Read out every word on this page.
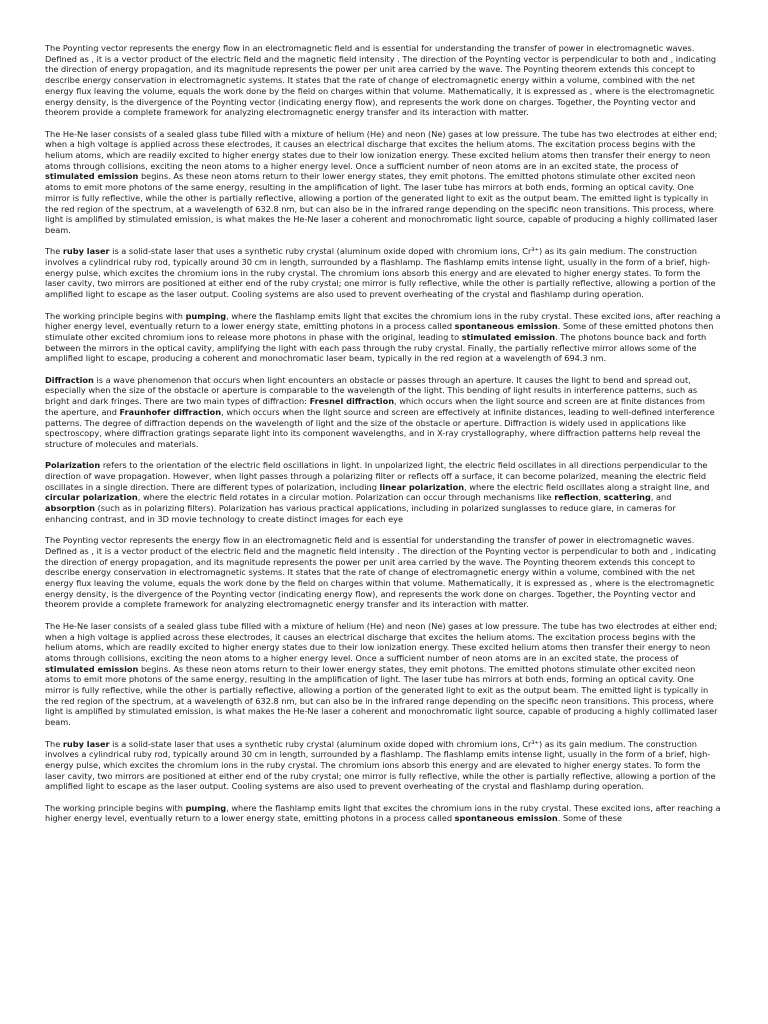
The Poynting vector represents the energy flow in an electromagnetic field and is essential for understanding the transfer of power in electromagnetic waves. Defined as , it is a vector product of the electric field and the magnetic field intensity . The direction of the Poynting vector is perpendicular to both and , indicating the direction of energy propagation, and its magnitude represents the power per unit area carried by the wave. The Poynting theorem extends this concept to describe energy conservation in electromagnetic systems. It states that the rate of change of electromagnetic energy within a volume, combined with the net energy flux leaving the volume, equals the work done by the field on charges within that volume. Mathematically, it is expressed as , where is the electromagnetic energy density, is the divergence of the Poynting vector (indicating energy flow), and represents the work done on charges. Together, the Poynting vector and theorem provide a complete framework for analyzing electromagnetic energy transfer and its interaction with matter.

The He-Ne laser consists of a sealed glass tube filled with a mixture of helium (He) and neon (Ne) gases at low pressure. The tube has two electrodes at either end; when a high voltage is applied across these electrodes, it causes an electrical discharge that excites the helium atoms. The excitation process begins with the helium atoms, which are readily excited to higher energy states due to their low ionization energy. These excited helium atoms then transfer their energy to neon atoms through collisions, exciting the neon atoms to a higher energy level. Once a sufficient number of neon atoms are in an excited state, the process of stimulated emission begins. As these neon atoms return to their lower energy states, they emit photons. The emitted photons stimulate other excited neon atoms to emit more photons of the same energy, resulting in the amplification of light. The laser tube has mirrors at both ends, forming an optical cavity. One mirror is fully reflective, while the other is partially reflective, allowing a portion of the generated light to exit as the output beam. The emitted light is typically in the red region of the spectrum, at a wavelength of 632.8 nm, but can also be in the infrared range depending on the specific neon transitions. This process, where light is amplified by stimulated emission, is what makes the He-Ne laser a coherent and monochromatic light source, capable of producing a highly collimated laser beam.

The ruby laser is a solid-state laser that uses a synthetic ruby crystal (aluminum oxide doped with chromium ions, Cr³⁺) as its gain medium. The construction involves a cylindrical ruby rod, typically around 30 cm in length, surrounded by a flashlamp. The flashlamp emits intense light, usually in the form of a brief, high-energy pulse, which excites the chromium ions in the ruby crystal. The chromium ions absorb this energy and are elevated to higher energy states. To form the laser cavity, two mirrors are positioned at either end of the ruby crystal; one mirror is fully reflective, while the other is partially reflective, allowing a portion of the amplified light to escape as the laser output. Cooling systems are also used to prevent overheating of the crystal and flashlamp during operation.

The working principle begins with pumping, where the flashlamp emits light that excites the chromium ions in the ruby crystal. These excited ions, after reaching a higher energy level, eventually return to a lower energy state, emitting photons in a process called spontaneous emission. Some of these emitted photons then stimulate other excited chromium ions to release more photons in phase with the original, leading to stimulated emission. The photons bounce back and forth between the mirrors in the optical cavity, amplifying the light with each pass through the ruby crystal. Finally, the partially reflective mirror allows some of the amplified light to escape, producing a coherent and monochromatic laser beam, typically in the red region at a wavelength of 694.3 nm.

Diffraction is a wave phenomenon that occurs when light encounters an obstacle or passes through an aperture. It causes the light to bend and spread out, especially when the size of the obstacle or aperture is comparable to the wavelength of the light. This bending of light results in interference patterns, such as bright and dark fringes. There are two main types of diffraction: Fresnel diffraction, which occurs when the light source and screen are at finite distances from the aperture, and Fraunhofer diffraction, which occurs when the light source and screen are effectively at infinite distances, leading to well-defined interference patterns. The degree of diffraction depends on the wavelength of light and the size of the obstacle or aperture. Diffraction is widely used in applications like spectroscopy, where diffraction gratings separate light into its component wavelengths, and in X-ray crystallography, where diffraction patterns help reveal the structure of molecules and materials.

Polarization refers to the orientation of the electric field oscillations in light. In unpolarized light, the electric field oscillates in all directions perpendicular to the direction of wave propagation. However, when light passes through a polarizing filter or reflects off a surface, it can become polarized, meaning the electric field oscillates in a single direction. There are different types of polarization, including linear polarization, where the electric field oscillates along a straight line, and circular polarization, where the electric field rotates in a circular motion. Polarization can occur through mechanisms like reflection, scattering, and absorption (such as in polarizing filters). Polarization has various practical applications, including in polarized sunglasses to reduce glare, in cameras for enhancing contrast, and in 3D movie technology to create distinct images for each eye

The Poynting vector represents the energy flow in an electromagnetic field and is essential for understanding the transfer of power in electromagnetic waves. Defined as , it is a vector product of the electric field and the magnetic field intensity . The direction of the Poynting vector is perpendicular to both and , indicating the direction of energy propagation, and its magnitude represents the power per unit area carried by the wave. The Poynting theorem extends this concept to describe energy conservation in electromagnetic systems. It states that the rate of change of electromagnetic energy within a volume, combined with the net energy flux leaving the volume, equals the work done by the field on charges within that volume. Mathematically, it is expressed as , where is the electromagnetic energy density, is the divergence of the Poynting vector (indicating energy flow), and represents the work done on charges. Together, the Poynting vector and theorem provide a complete framework for analyzing electromagnetic energy transfer and its interaction with matter.

The He-Ne laser consists of a sealed glass tube filled with a mixture of helium (He) and neon (Ne) gases at low pressure. The tube has two electrodes at either end; when a high voltage is applied across these electrodes, it causes an electrical discharge that excites the helium atoms. The excitation process begins with the helium atoms, which are readily excited to higher energy states due to their low ionization energy. These excited helium atoms then transfer their energy to neon atoms through collisions, exciting the neon atoms to a higher energy level. Once a sufficient number of neon atoms are in an excited state, the process of stimulated emission begins. As these neon atoms return to their lower energy states, they emit photons. The emitted photons stimulate other excited neon atoms to emit more photons of the same energy, resulting in the amplification of light. The laser tube has mirrors at both ends, forming an optical cavity. One mirror is fully reflective, while the other is partially reflective, allowing a portion of the generated light to exit as the output beam. The emitted light is typically in the red region of the spectrum, at a wavelength of 632.8 nm, but can also be in the infrared range depending on the specific neon transitions. This process, where light is amplified by stimulated emission, is what makes the He-Ne laser a coherent and monochromatic light source, capable of producing a highly collimated laser beam.

The ruby laser is a solid-state laser that uses a synthetic ruby crystal (aluminum oxide doped with chromium ions, Cr³⁺) as its gain medium. The construction involves a cylindrical ruby rod, typically around 30 cm in length, surrounded by a flashlamp. The flashlamp emits intense light, usually in the form of a brief, high-energy pulse, which excites the chromium ions in the ruby crystal. The chromium ions absorb this energy and are elevated to higher energy states. To form the laser cavity, two mirrors are positioned at either end of the ruby crystal; one mirror is fully reflective, while the other is partially reflective, allowing a portion of the amplified light to escape as the laser output. Cooling systems are also used to prevent overheating of the crystal and flashlamp during operation.

The working principle begins with pumping, where the flashlamp emits light that excites the chromium ions in the ruby crystal. These excited ions, after reaching a higher energy level, eventually return to a lower energy state, emitting photons in a process called spontaneous emission. Some of these
